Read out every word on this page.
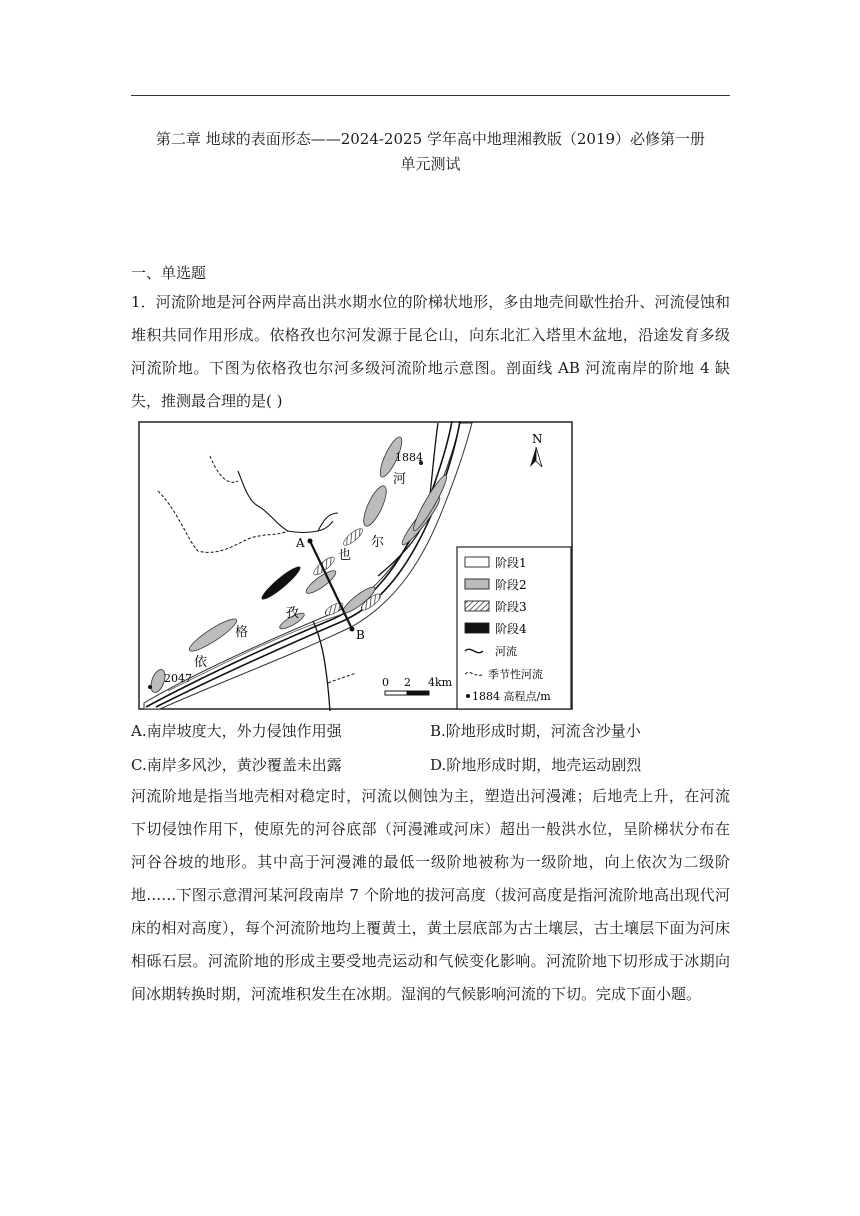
第二章 地球的表面形态——2024-2025 学年高中地理湘教版（2019）必修第一册
单元测试
一、单选题
1．河流阶地是河谷两岸高出洪水期水位的阶梯状地形，多由地壳间歇性抬升、河流侵蚀和堆积共同作用形成。依格孜也尔河发源于昆仑山，向东北汇入塔里木盆地，沿途发育多级河流阶地。下图为依格孜也尔河多级河流阶地示意图。剖面线 AB 河流南岸的阶地 4 缺失，推测最合理的是( )
A
B
1884
2047
河
尔
也
孜
格
依
N
0 2 4km
阶段1
阶段2
阶段3
阶段4
河流
季节性河流
1884 高程点/m
A.南岸坡度大，外力侵蚀作用强	B.阶地形成时期，河流含沙量小
C.南岸多风沙，黄沙覆盖未出露	D.阶地形成时期，地壳运动剧烈
河流阶地是指当地壳相对稳定时，河流以侧蚀为主，塑造出河漫滩；后地壳上升，在河流下切侵蚀作用下，使原先的河谷底部（河漫滩或河床）超出一般洪水位，呈阶梯状分布在河谷谷坡的地形。其中高于河漫滩的最低一级阶地被称为一级阶地，向上依次为二级阶地……下图示意渭河某河段南岸 7 个阶地的拔河高度（拔河高度是指河流阶地高出现代河床的相对高度），每个河流阶地均上覆黄土，黄土层底部为古土壤层，古土壤层下面为河床相砾石层。河流阶地的形成主要受地壳运动和气候变化影响。河流阶地下切形成于冰期向间冰期转换时期，河流堆积发生在冰期。湿润的气候影响河流的下切。完成下面小题。
